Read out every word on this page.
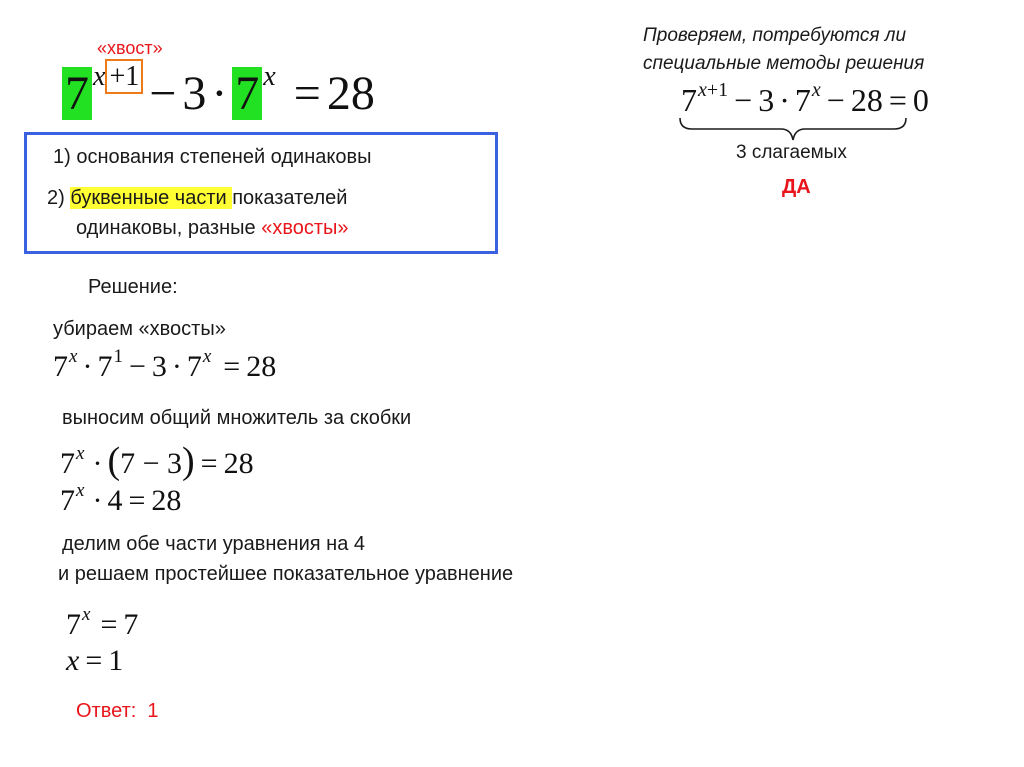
«хвост»
7 $^{x +1}$ − 3 · 7 $^x$ = 28
1) основания степеней одинаковы
2) буквенные части показателей
одинаковы, разные «хвосты»
Проверяем, потребуются ли специальные методы решения
$7^{x+1} - 3 \cdot 7^x - 28 = 0$
3 слагаемых
ДА
Решение:
убираем «хвосты»
$7^x \cdot 7^1 - 3 \cdot 7^x = 28$
выносим общий множитель за скобки
$7^x \cdot (7 - 3) = 28$
$7^x \cdot 4 = 28$
делим обе части уравнения на 4
и решаем простейшее показательное уравнение
$7^x = 7$
x = 1
Ответ: 1
